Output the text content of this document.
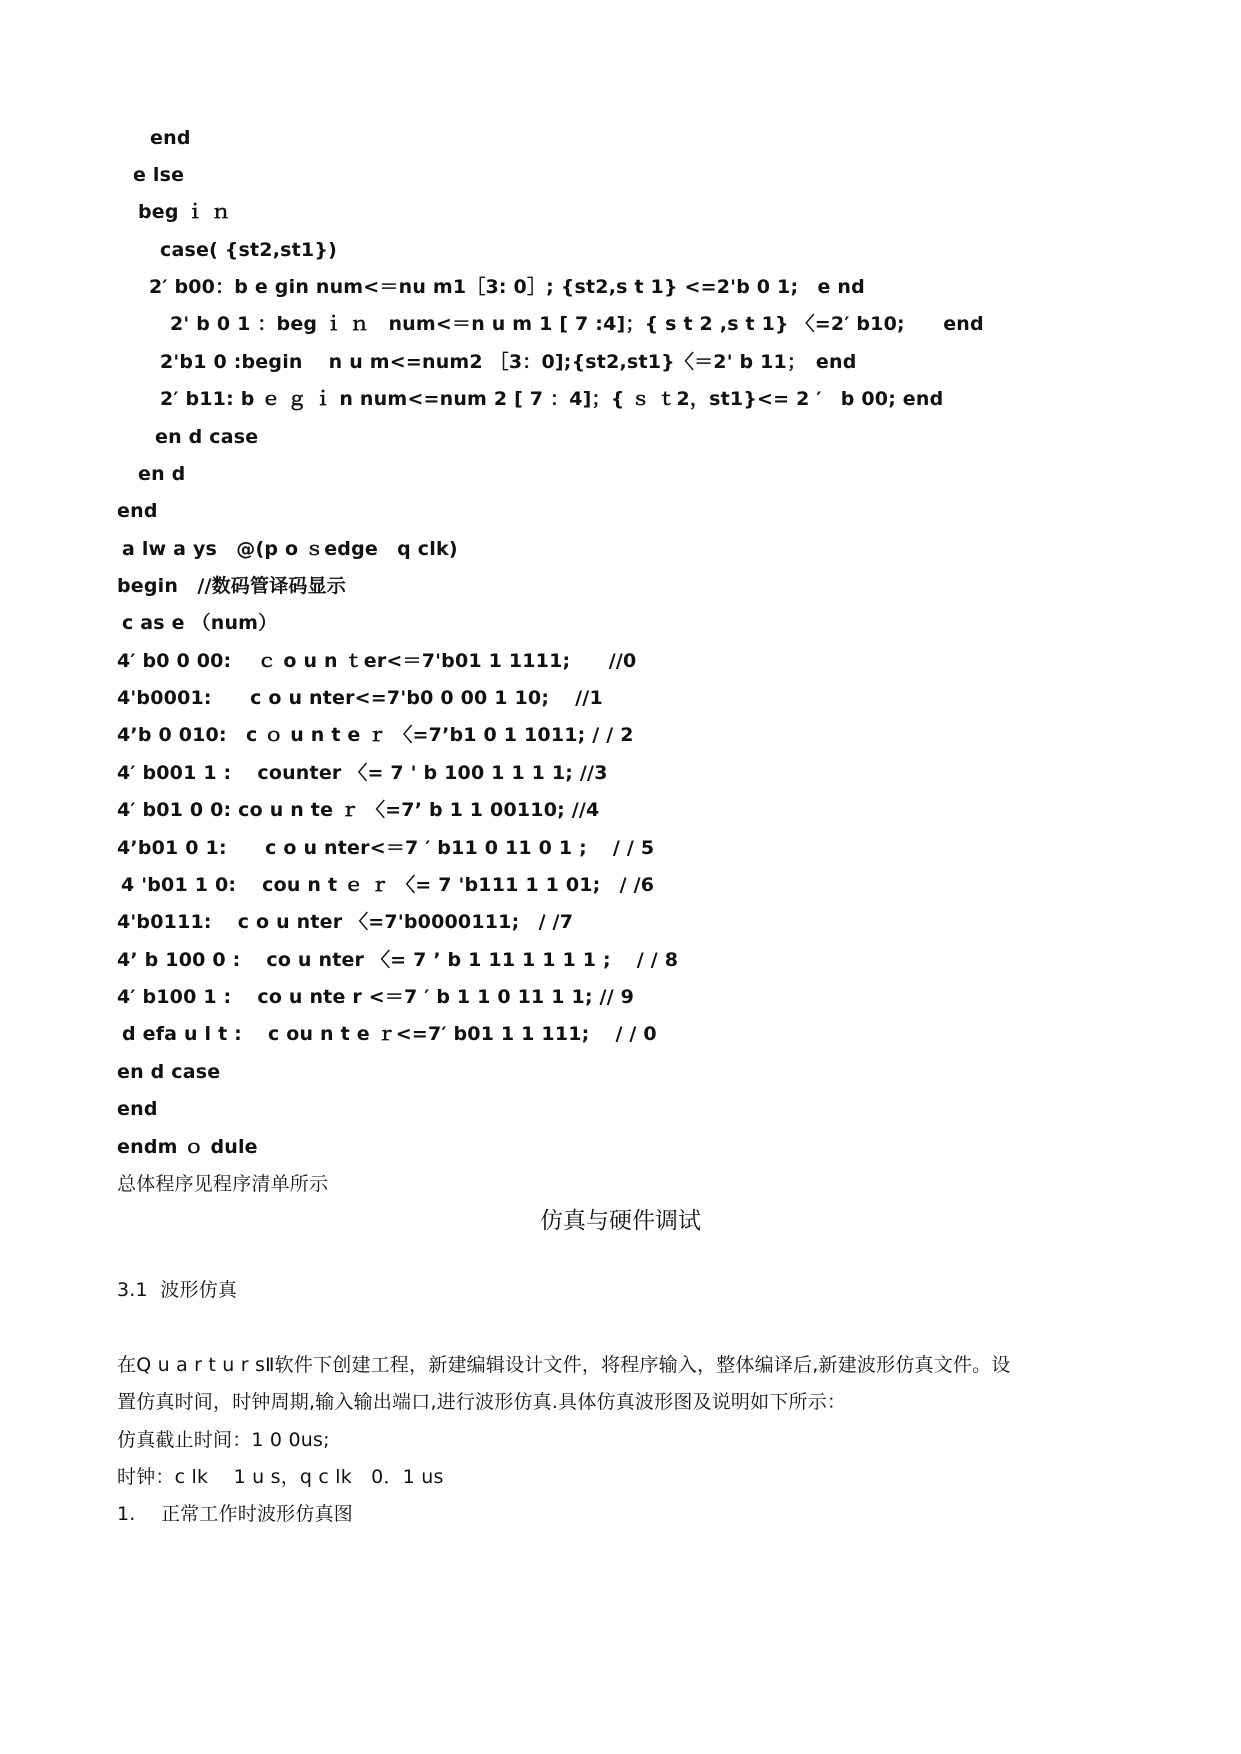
end
e lse
beg ｉ ｎ
case( {st2,st1})
2′ b00：b e gin num<＝nu m1［3: 0］; {st2,s t 1} <=2'b 0 1;　e nd
2' b 0 1 ：beg ｉ ｎ　num<＝n u m 1 [ 7 :4]；{ s t 2 ,s t 1} 〈=2′ b10;　　end
2'b1 0 :begin　 n u m<=num2 ［3：0];{st2,st1}〈＝2' b 11；　end
2′ b11: b ｅ ｇ ｉ n num<=num 2 [ 7 ：4]；{ ｓ ｔ2，st1}<= 2 ′　b 00; end
en d case
en d
end
a lw a ys　@(p o ｓedge　q clk)
begin　//数码管译码显示
c as e （num）
4′ b0 0 00:　 ｃ o u n ｔer<＝7'b01 1 1111;　　//0
4'b0001:　　c o u nter<=7'b0 0 00 1 10;　 //1
4’b 0 010:　c ｏ u n t e ｒ 〈=7’b1 0 1 1011; / / 2
4′ b001 1 :　 counter 〈= 7 ' b 100 1 1 1 1; //3
4′ b01 0 0: co u n te ｒ 〈=7’ b 1 1 00110; //4
4’b01 0 1:　　c o u nter<＝7 ′ b11 0 11 0 1 ;　 / / 5
4 'b01 1 0:　 cou n t ｅ ｒ 〈= 7 'b111 1 1 01;　/ /6
4'b0111:　 c o u nter 〈=7'b0000111;　/ /7
4’ b 100 0 :　 co u nter 〈= 7 ’ b 1 11 1 1 1 1 ;　 / / 8
4′ b100 1 :　 co u nte r <＝7 ′ b 1 1 0 11 1 1; // 9
d efa u l t :　 c ou n t e ｒ<=7′ b01 1 1 111;　 / / 0
en d case
end
endm ｏ dule
总体程序见程序清单所示
仿真与硬件调试
3.1  波形仿真
在Q u a r t u r sⅡ软件下创建工程，新建编辑设计文件，将程序输入，整体编译后,新建波形仿真文件。设
置仿真时间，时钟周期,输入输出端口,进行波形仿真.具体仿真波形图及说明如下所示：
仿真截止时间：1 0 0us;
时钟：c lk　 1 u s，q c lk　0．1 us
1.　 正常工作时波形仿真图
